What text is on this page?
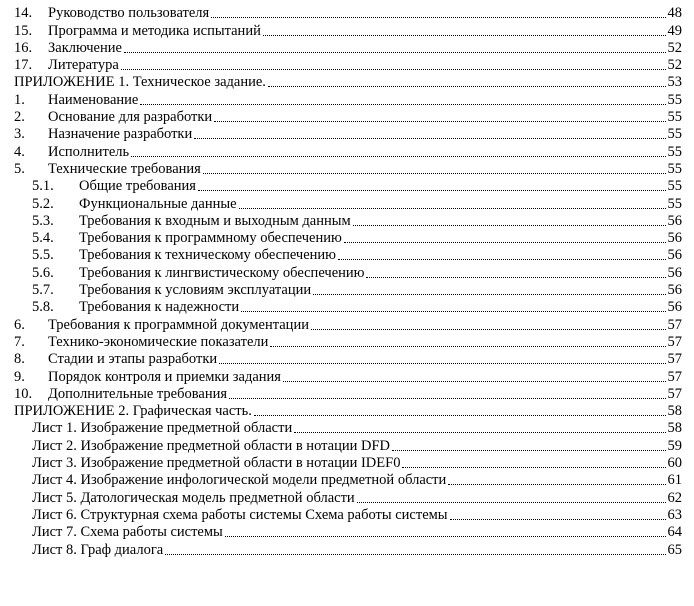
14.	Руководство пользователя	48
15.	Программа и методика испытаний	49
16.	Заключение	52
17.	Литература	52
ПРИЛОЖЕНИЕ 1. Техническое задание.	53
1.	Наименование	55
2.	Основание для разработки	55
3.	Назначение разработки	55
4.	Исполнитель	55
5.	Технические требования	55
5.1.	Общие требования	55
5.2.	Функциональные данные	55
5.3.	Требования к входным и выходным данным	56
5.4.	Требования к программному обеспечению	56
5.5.	Требования к техническому обеспечению	56
5.6.	Требования к лингвистическому обеспечению	56
5.7.	Требования к условиям эксплуатации	56
5.8.	Требования к надежности	56
6.	Требования к программной документации	57
7.	Технико-экономические показатели	57
8.	Стадии и этапы разработки	57
9.	Порядок контроля и приемки задания	57
10.	Дополнительные требования	57
ПРИЛОЖЕНИЕ 2. Графическая часть.	58
Лист 1. Изображение предметной области	58
Лист 2. Изображение предметной области в нотации DFD	59
Лист 3. Изображение предметной области в нотации IDEF0	60
Лист 4. Изображение инфологической модели предметной области	61
Лист 5. Датологическая модель предметной области	62
Лист 6. Структурная схема работы системы Схема работы системы	63
Лист 7. Схема работы системы	64
Лист 8. Граф диалога	65
